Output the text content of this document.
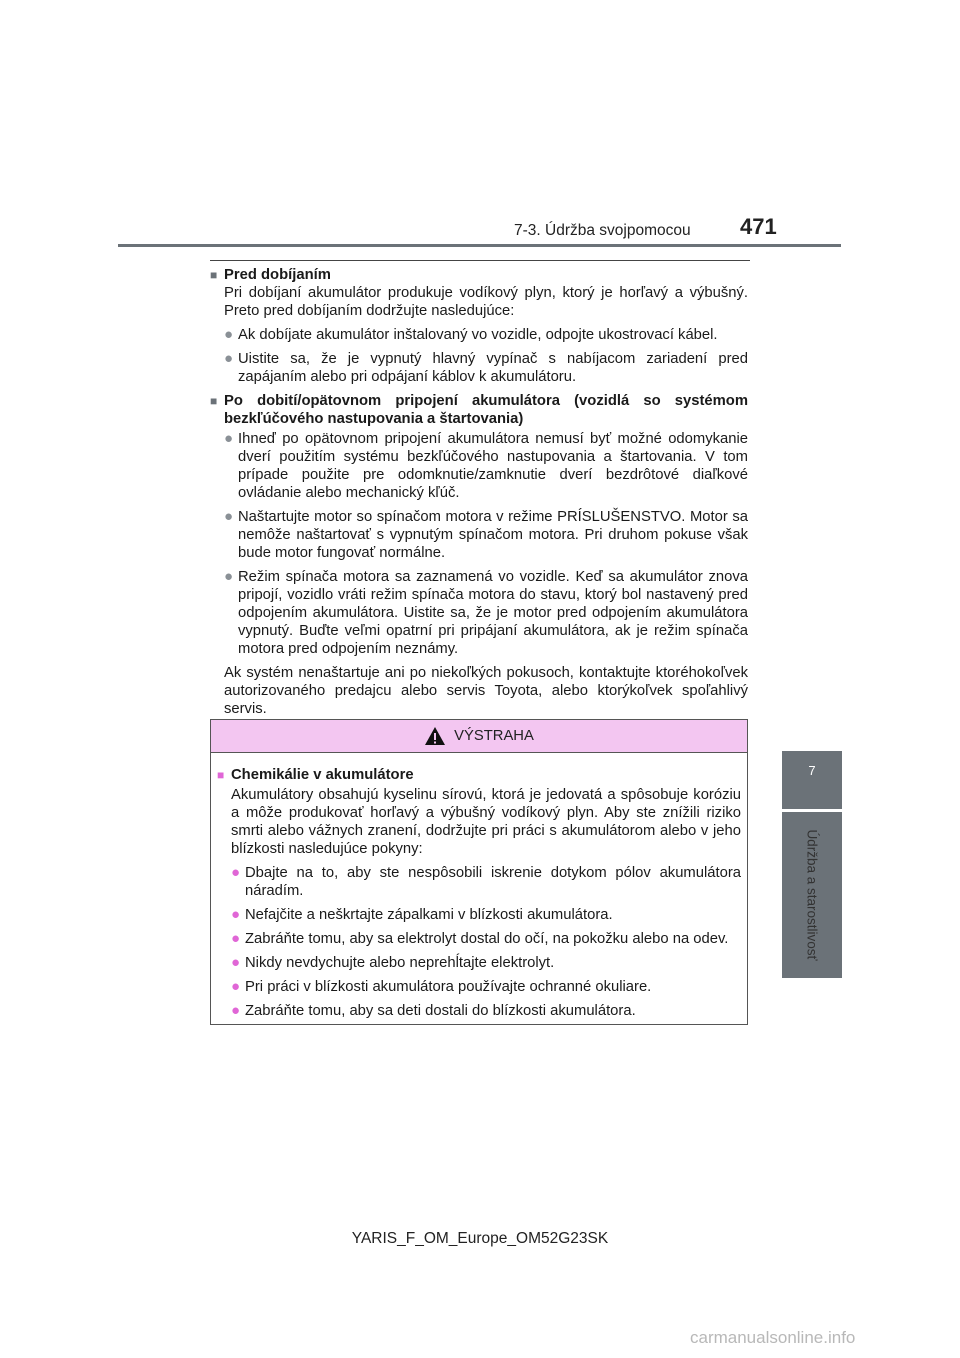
7-3. Údržba svojpomocou 471
7
Údržba a starostlivosť
■ Pred dobíjaním
Pri dobíjaní akumulátor produkuje vodíkový plyn, ktorý je horľavý a výbušný. Preto pred dobíjaním dodržujte nasledujúce:
● Ak dobíjate akumulátor inštalovaný vo vozidle, odpojte ukostrovací kábel.
● Uistite sa, že je vypnutý hlavný vypínač s nabíjacom zariadení pred zapájaním alebo pri odpájaní káblov k akumulátoru.
■ Po dobití/opätovnom pripojení akumulátora (vozidlá so systémom bezkľúčového nastupovania a štartovania)
● Ihneď po opätovnom pripojení akumulátora nemusí byť možné odomykanie dverí použitím systému bezkľúčového nastupovania a štartovania. V tom prípade použite pre odomknutie/zamknutie dverí bezdrôtové diaľkové ovládanie alebo mechanický kľúč.
● Naštartujte motor so spínačom motora v režime PRÍSLUŠENSTVO. Motor sa nemôže naštartovať s vypnutým spínačom motora. Pri druhom pokuse však bude motor fungovať normálne.
● Režim spínača motora sa zaznamená vo vozidle. Keď sa akumulátor znova pripojí, vozidlo vráti režim spínača motora do stavu, ktorý bol nastavený pred odpojením akumulátora. Uistite sa, že je motor pred odpojením akumulátora vypnutý. Buďte veľmi opatrní pri pripájaní akumulátora, ak je režim spínača motora pred odpojením neznámy.
Ak systém nenaštartuje ani po niekoľkých pokusoch, kontaktujte ktoréhokoľvek autorizovaného predajcu alebo servis Toyota, alebo ktorýkoľvek spoľahlivý servis.
VÝSTRAHA
■ Chemikálie v akumulátore
Akumulátory obsahujú kyselinu sírovú, ktorá je jedovatá a spôsobuje koróziu a môže produkovať horľavý a výbušný vodíkový plyn. Aby ste znížili riziko smrti alebo vážnych zranení, dodržujte pri práci s akumulátorom alebo v jeho blízkosti nasledujúce pokyny:
● Dbajte na to, aby ste nespôsobili iskrenie dotykom pólov akumulátora náradím.
● Nefajčite a neškrtajte zápalkami v blízkosti akumulátora.
● Zabráňte tomu, aby sa elektrolyt dostal do očí, na pokožku alebo na odev.
● Nikdy nevdychujte alebo neprehĺtajte elektrolyt.
● Pri práci v blízkosti akumulátora používajte ochranné okuliare.
● Zabráňte tomu, aby sa deti dostali do blízkosti akumulátora.
YARIS_F_OM_Europe_OM52G23SK
carmanualsonline.info
